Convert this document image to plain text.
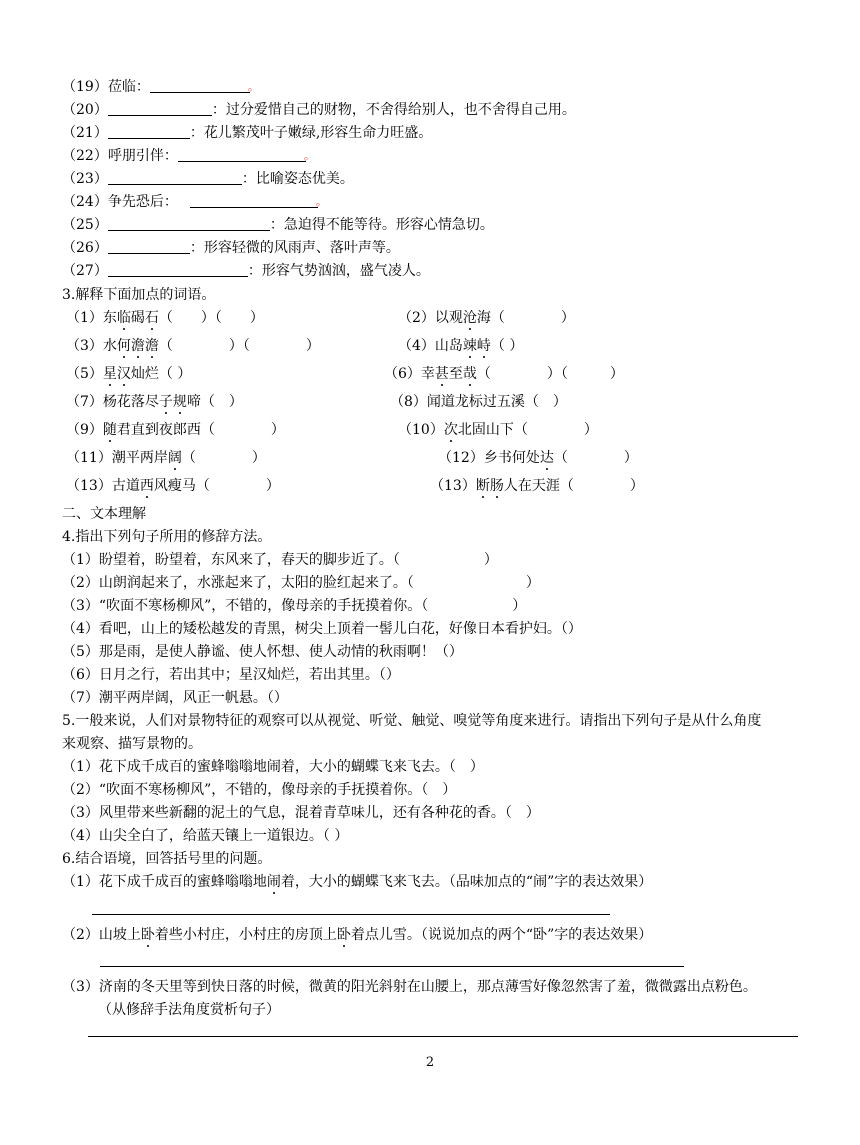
（19）莅临：	。
（20）	：过分爱惜自己的财物，不舍得给别人，也不舍得自己用。
（21）	：花儿繁茂叶子嫩绿,形容生命力旺盛。
（22）呼朋引伴：	。
（23）	：比喻姿态优美。
（24）争先恐后：	。
（25）	：急迫得不能等待。形容心情急切。
（26）	：形容轻微的风雨声、落叶声等。
（27）	：形容气势汹汹，盛气凌人。
3.解释下面加点的词语。
（1）东临碣石（　　）（　　）	（2）以观沧海（　　　　）
（3）水何澹澹（　　　　）（　　　　）	（4）山岛竦峙（ ）
（5）星汉灿烂（ ）	（6）幸甚至哉（　　　　）（　　　）
（7）杨花落尽子规啼（　）	（8）闻道龙标过五溪（　）
（9）随君直到夜郎西（　　　　）	（10）次北固山下（　　　　）
（11）潮平两岸阔（　　　　）	（12）乡书何处达（　　　　）
（13）古道西风瘦马（　　　　）	（13）断肠人在天涯（　　　　）
二、文本理解
4.指出下列句子所用的修辞方法。
（1）盼望着，盼望着，东风来了，春天的脚步近了。（　　　　　　）
（2）山朗润起来了，水涨起来了，太阳的脸红起来了。（　　　　　　　　）
（3）“吹面不寒杨柳风”，不错的，像母亲的手抚摸着你。（　　　　　　）
（4）看吧，山上的矮松越发的青黑，树尖上顶着一髻儿白花，好像日本看护妇。（）
（5）那是雨，是使人静谧、使人怀想、使人动情的秋雨啊！（）
（6）日月之行，若出其中；星汉灿烂，若出其里。（）
（7）潮平两岸阔，风正一帆悬。（）
5.一般来说，人们对景物特征的观察可以从视觉、听觉、触觉、嗅觉等角度来进行。请指出下列句子是从什么角度
来观察、描写景物的。
（1）花下成千成百的蜜蜂嗡嗡地闹着，大小的蝴蝶飞来飞去。（　）
（2）“吹面不寒杨柳风”，不错的，像母亲的手抚摸着你。（　）
（3）风里带来些新翻的泥土的气息，混着青草味儿，还有各种花的香。（　）
（4）山尖全白了，给蓝天镶上一道银边。（ ）
6.结合语境，回答括号里的问题。
（1）花下成千成百的蜜蜂嗡嗡地闹着，大小的蝴蝶飞来飞去。（品味加点的“闹”字的表达效果）
（2）山坡上卧着些小村庄，小村庄的房顶上卧着点儿雪。（说说加点的两个“卧”字的表达效果）
（3）济南的冬天里等到快日落的时候，微黄的阳光斜射在山腰上，那点薄雪好像忽然害了羞，微微露出点粉色。
（从修辞手法角度赏析句子）
2
